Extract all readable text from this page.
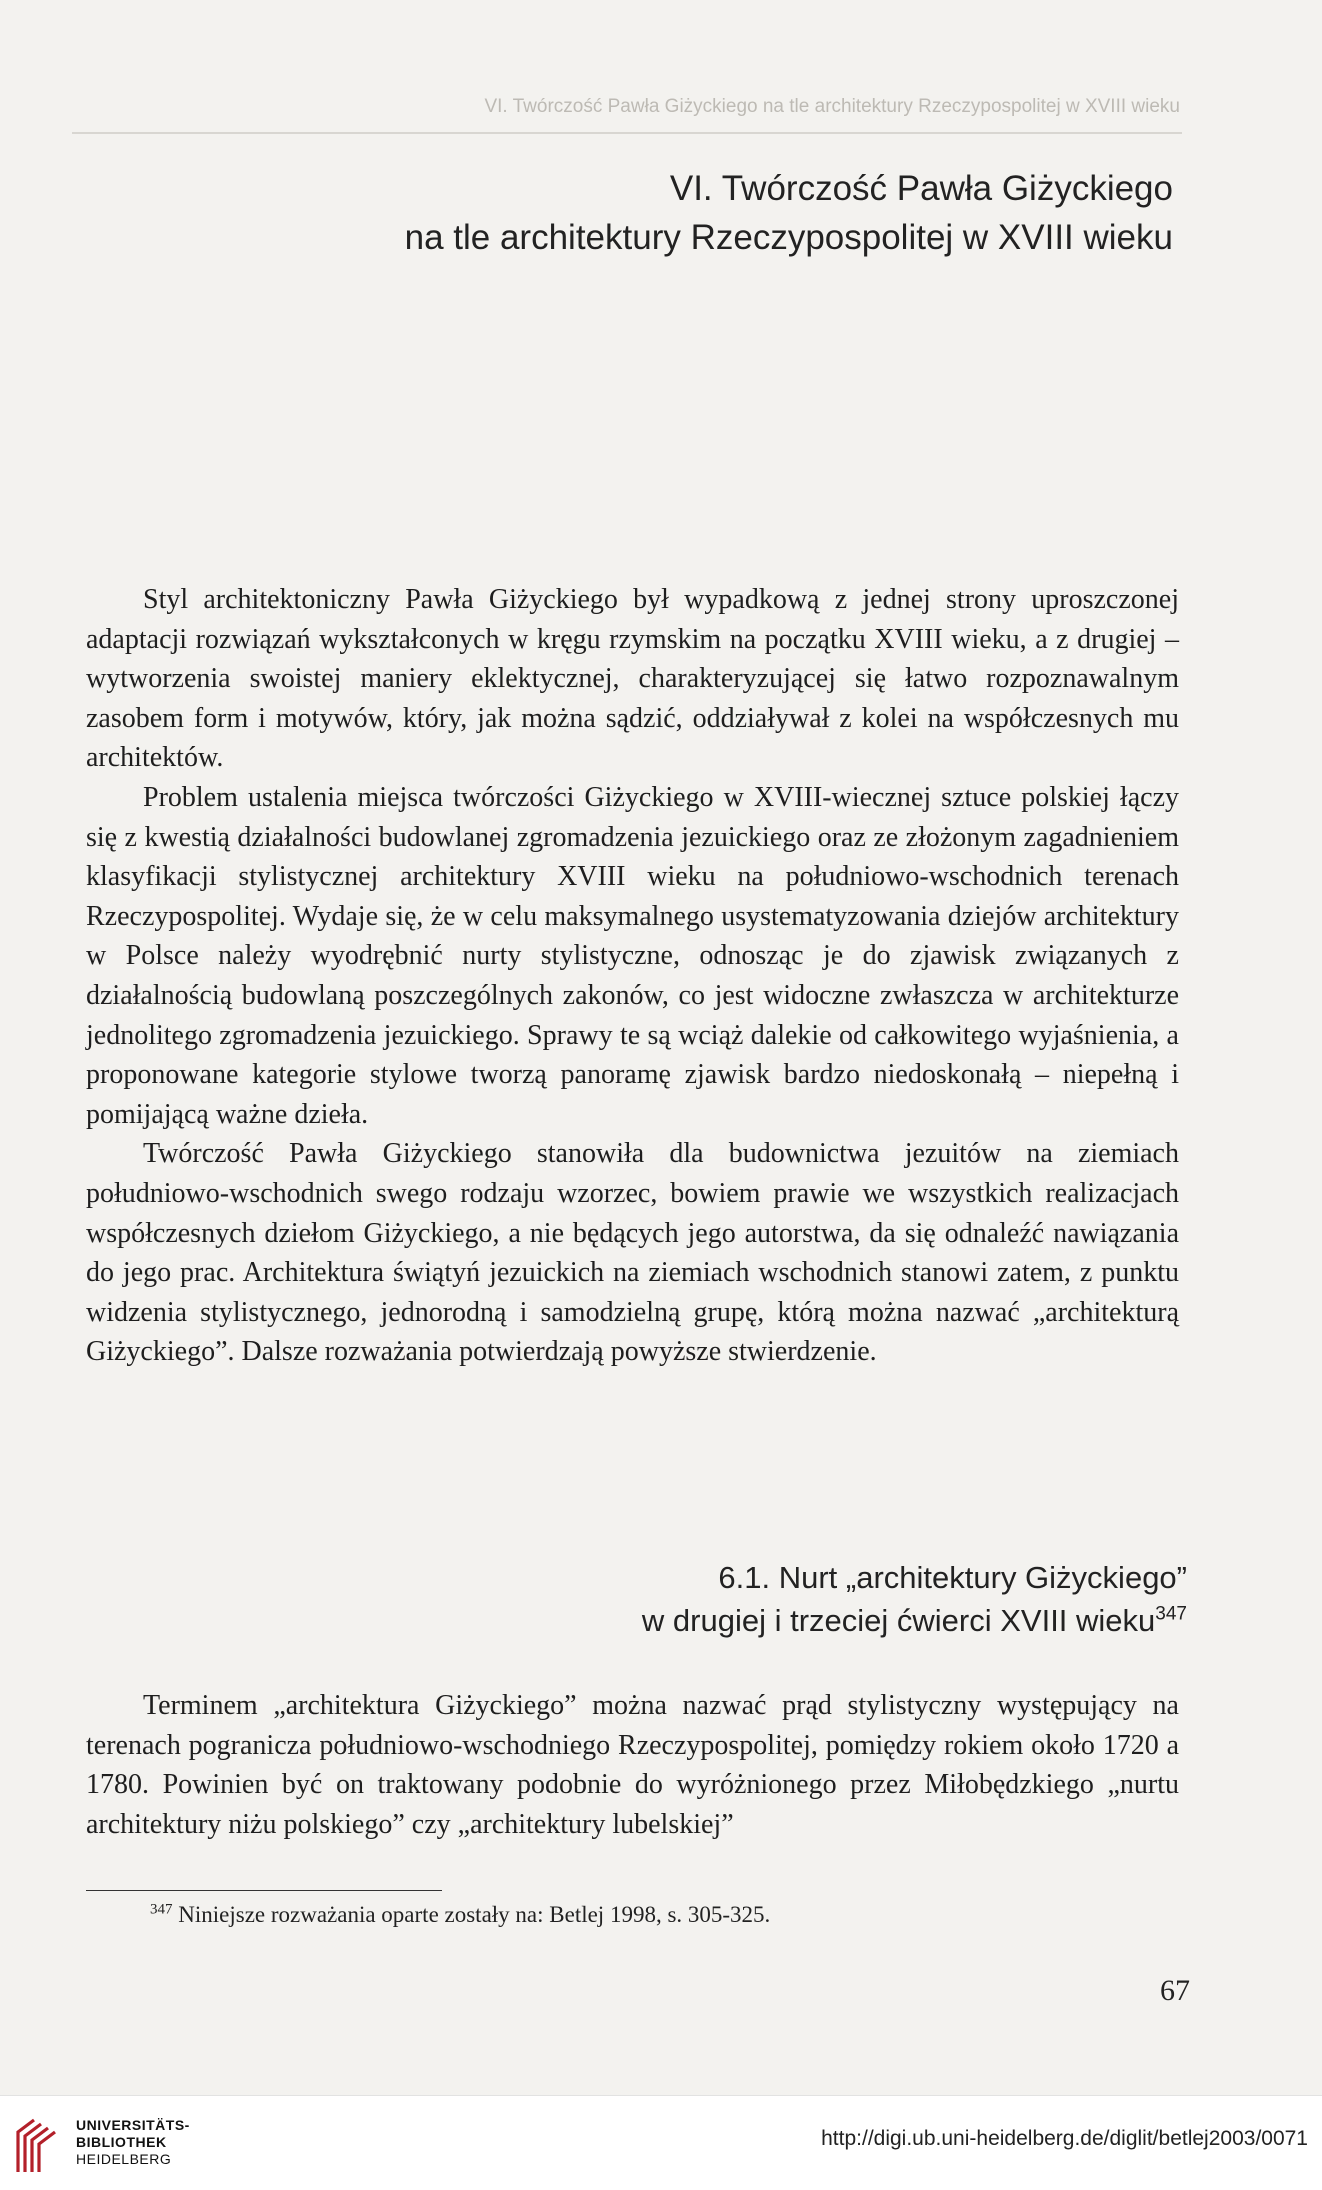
VI. Twórczość Pawła Giżyckiego na tle architektury Rzeczypospolitej w XVIII wieku
VI. Twórczość Pawła Giżyckiego
na tle architektury Rzeczypospolitej w XVIII wieku

Styl architektoniczny Pawła Giżyckiego był wypadkową z jednej strony uproszczonej adaptacji rozwiązań wykształconych w kręgu rzymskim na początku XVIII wieku, a z drugiej – wytworzenia swoistej maniery eklektycznej, charakteryzującej się łatwo rozpoznawalnym zasobem form i motywów, który, jak można sądzić, oddziaływał z kolei na współczesnych mu architektów.

Problem ustalenia miejsca twórczości Giżyckiego w XVIII-wiecznej sztuce polskiej łączy się z kwestią działalności budowlanej zgromadzenia jezuickiego oraz ze złożonym zagadnieniem klasyfikacji stylistycznej architektury XVIII wieku na południowo-wschodnich terenach Rzeczypospolitej. Wydaje się, że w celu maksymalnego usystematyzowania dziejów architektury w Polsce należy wyodrębnić nurty stylistyczne, odnosząc je do zjawisk związanych z działalnością budowlaną poszczególnych zakonów, co jest widoczne zwłaszcza w architekturze jednolitego zgromadzenia jezuickiego. Sprawy te są wciąż dalekie od całkowitego wyjaśnienia, a proponowane kategorie stylowe tworzą panoramę zjawisk bardzo niedoskonałą – niepełną i pomijającą ważne dzieła.

Twórczość Pawła Giżyckiego stanowiła dla budownictwa jezuitów na ziemiach południowo-wschodnich swego rodzaju wzorzec, bowiem prawie we wszystkich realizacjach współczesnych dziełom Giżyckiego, a nie będących jego autorstwa, da się odnaleźć nawiązania do jego prac. Architektura świątyń jezuickich na ziemiach wschodnich stanowi zatem, z punktu widzenia stylistycznego, jednorodną i samodzielną grupę, którą można nazwać „architekturą Giżyckiego”. Dalsze rozważania potwierdzają powyższe stwierdzenie.

6.1. Nurt „architektury Giżyckiego”
w drugiej i trzeciej ćwierci XVIII wieku$^{347}$

Terminem „architektura Giżyckiego” można nazwać prąd stylistyczny występujący na terenach pogranicza południowo-wschodniego Rzeczypospolitej, pomiędzy rokiem około 1720 a 1780. Powinien być on traktowany podobnie do wyróżnionego przez Miłobędzkiego „nurtu architektury niżu polskiego” czy „architektury lubelskiej”

$^{347}$ Niniejsze rozważania oparte zostały na: Betlej 1998, s. 305-325.
67
UNIVERSITÄTS-
BIBLIOTHEK
HEIDELBERG
http://digi.ub.uni-heidelberg.de/diglit/betlej2003/0071
